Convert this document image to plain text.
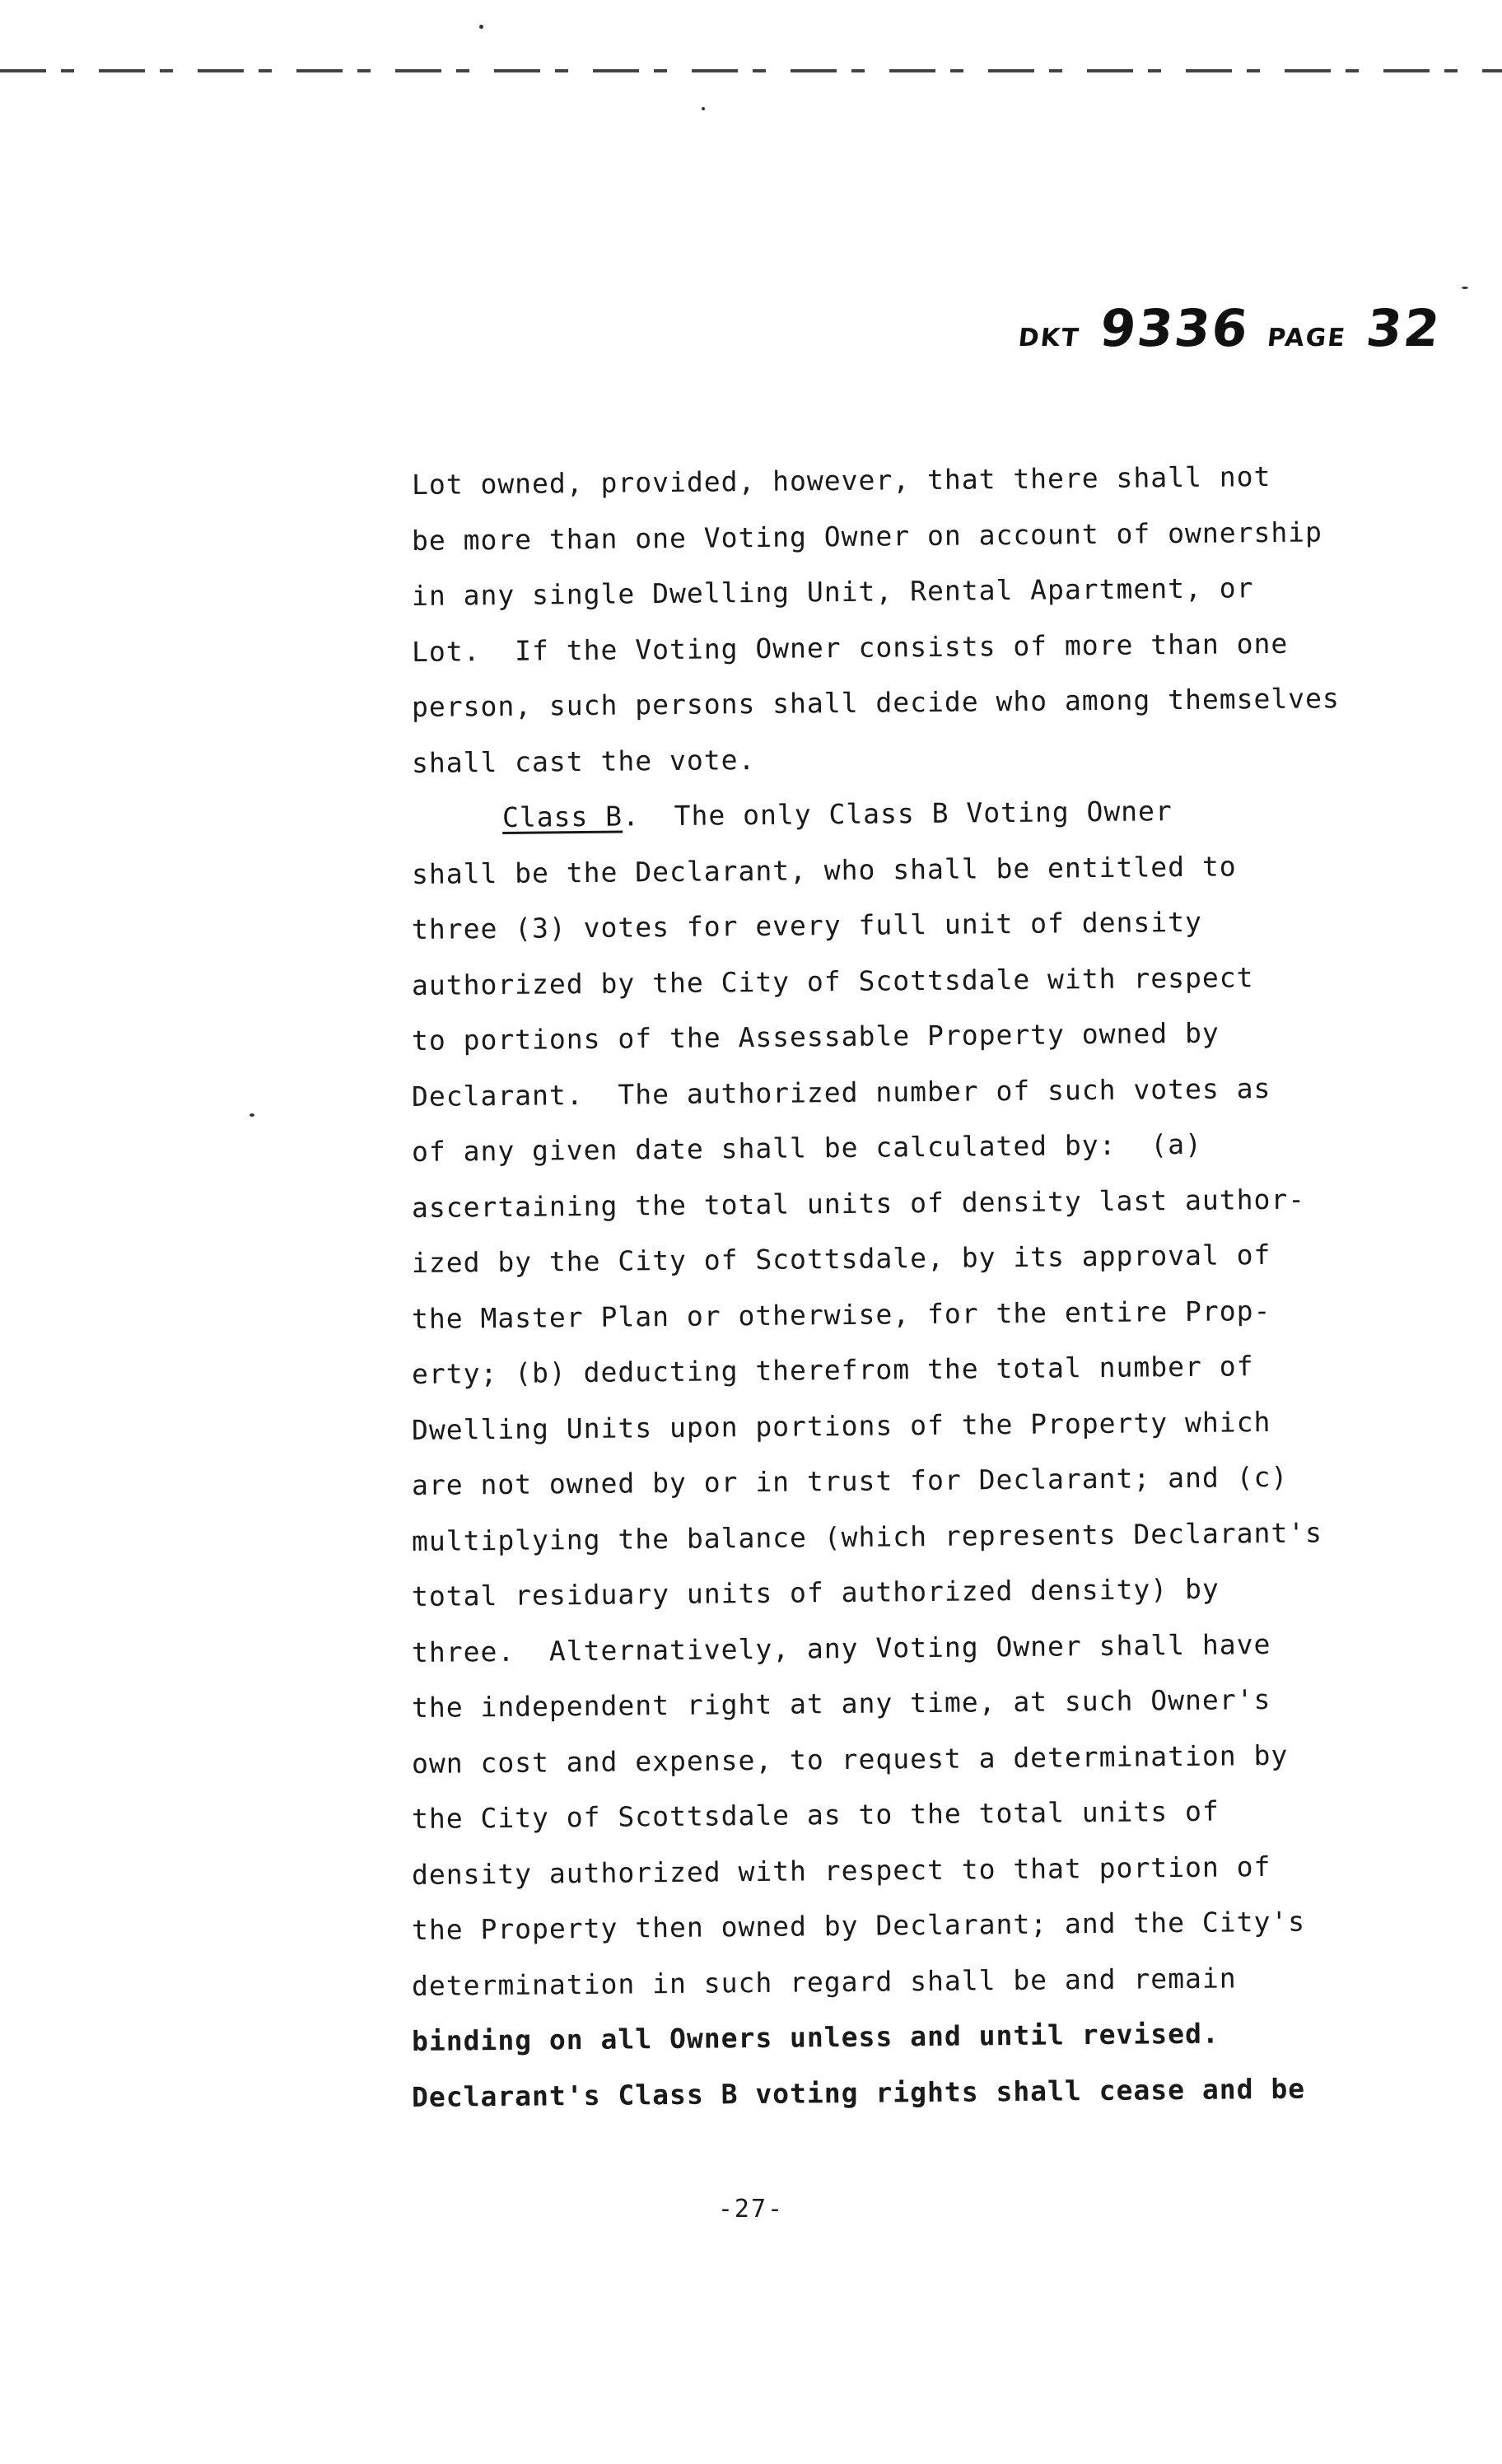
DKT 9336 PAGE 32
Lot owned, provided, however, that there shall not
be more than one Voting Owner on account of ownership
in any single Dwelling Unit, Rental Apartment, or
Lot.  If the Voting Owner consists of more than one
person, such persons shall decide who among themselves
shall cast the vote.
Class B.  The only Class B Voting Owner
shall be the Declarant, who shall be entitled to
three (3) votes for every full unit of density
authorized by the City of Scottsdale with respect
to portions of the Assessable Property owned by
Declarant.  The authorized number of such votes as
of any given date shall be calculated by:  (a)
ascertaining the total units of density last author-
ized by the City of Scottsdale, by its approval of
the Master Plan or otherwise, for the entire Prop-
erty; (b) deducting therefrom the total number of
Dwelling Units upon portions of the Property which
are not owned by or in trust for Declarant; and (c)
multiplying the balance (which represents Declarant's
total residuary units of authorized density) by
three.  Alternatively, any Voting Owner shall have
the independent right at any time, at such Owner's
own cost and expense, to request a determination by
the City of Scottsdale as to the total units of
density authorized with respect to that portion of
the Property then owned by Declarant; and the City's
determination in such regard shall be and remain
binding on all Owners unless and until revised.
Declarant's Class B voting rights shall cease and be
-27-
